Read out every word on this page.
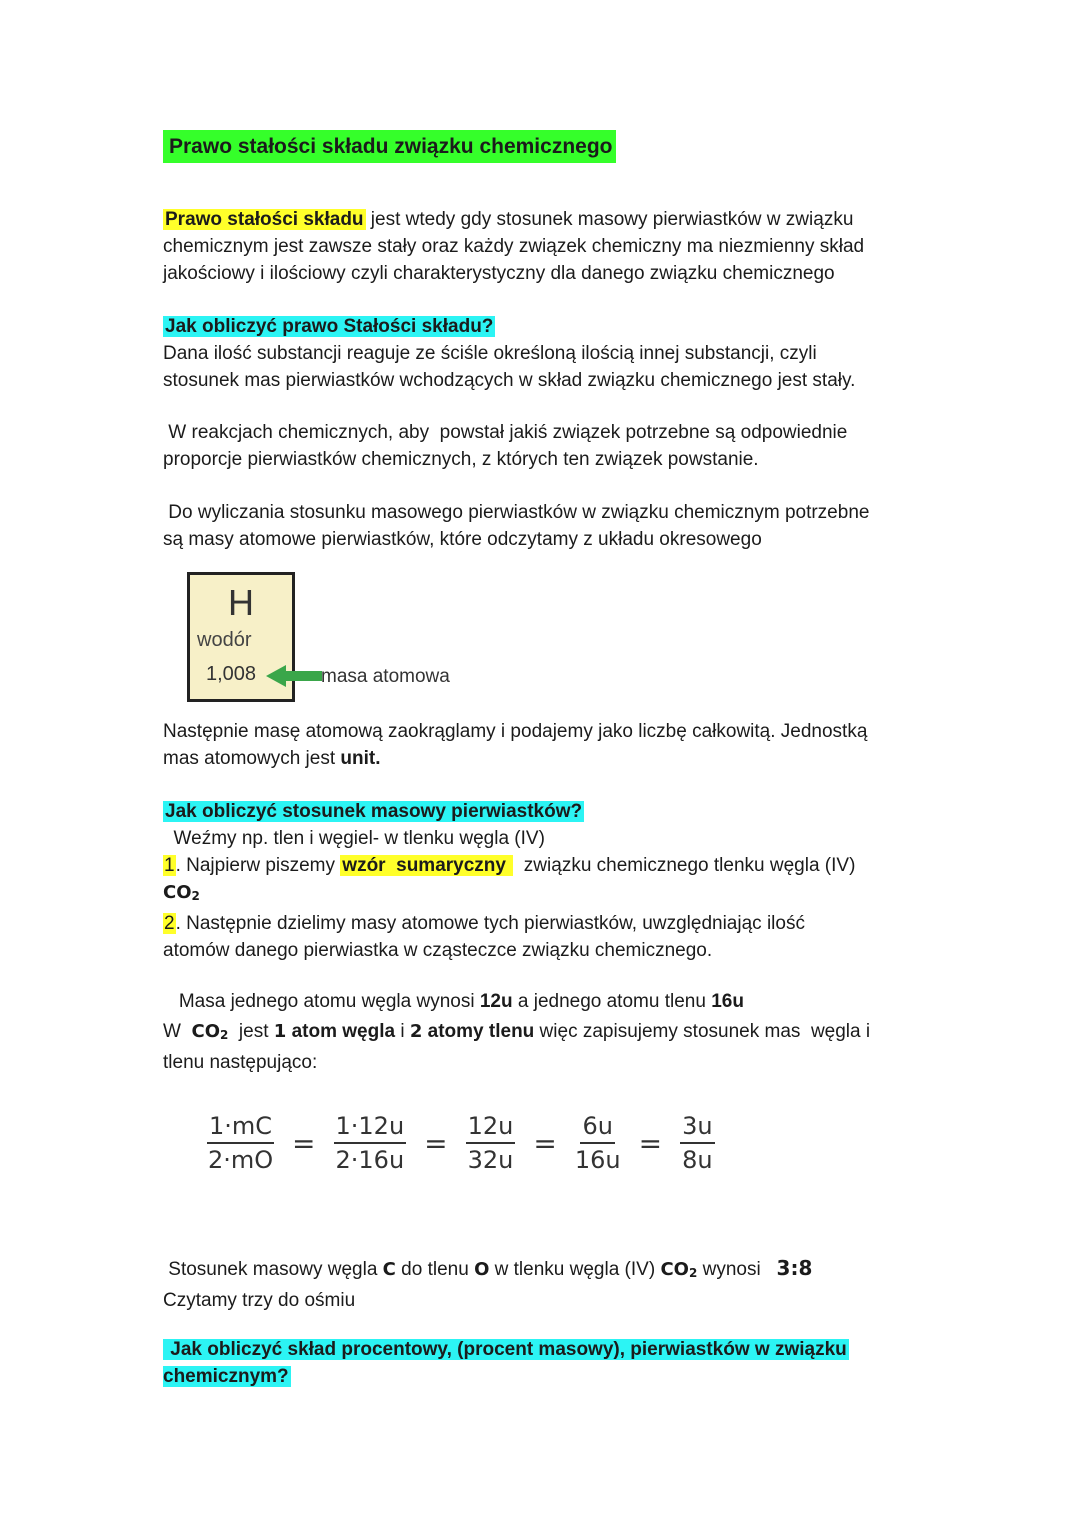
Prawo stałości składu związku chemicznego

Prawo stałości składu jest wtedy gdy stosunek masowy pierwiastków w związku

chemicznym jest zawsze stały oraz każdy związek chemiczny ma niezmienny skład

jakościowy i ilościowy czyli charakterystyczny dla danego związku chemicznego

Jak obliczyć prawo Stałości składu?

Dana ilość substancji reaguje ze ściśle określoną ilością innej substancji, czyli

stosunek mas pierwiastków wchodzących w skład związku chemicznego jest stały.

W reakcjach chemicznych, aby  powstał jakiś związek potrzebne są odpowiednie

proporcje pierwiastków chemicznych, z których ten związek powstanie.

Do wyliczania stosunku masowego pierwiastków w związku chemicznym potrzebne

są masy atomowe pierwiastków, które odczytamy z układu okresowego

H
wodór
1,008	masa atomowa

Następnie masę atomową zaokrąglamy i podajemy jako liczbę całkowitą. Jednostką

mas atomowych jest unit.

Jak obliczyć stosunek masowy pierwiastków?

Weźmy np. tlen i węgiel- w tlenku węgla (IV)

1. Najpierw piszemy wzór  sumaryczny   związku chemicznego tlenku węgla (IV)

$CO_2$

2. Następnie dzielimy masy atomowe tych pierwiastków, uwzględniając ilość

atomów danego pierwiastka w cząsteczce związku chemicznego.

Masa jednego atomu węgla wynosi 12u a jednego atomu tlenu 16u

W  $CO_2$  jest 1 atom węgla i 2 atomy tlenu więc zapisujemy stosunek mas  węgla i

tlenu następująco:

$\frac{1\cdot mC}{2\cdot mO} = \frac{1\cdot 12u}{2\cdot 16u} = \frac{12u}{32u} = \frac{6u}{16u} = \frac{3u}{8u}$

Stosunek masowy węgla C do tlenu O w tlenku węgla (IV) $CO_2$ wynosi   3:8

Czytamy trzy do ośmiu

Jak obliczyć skład procentowy, (procent masowy), pierwiastków w związku

chemicznym?
